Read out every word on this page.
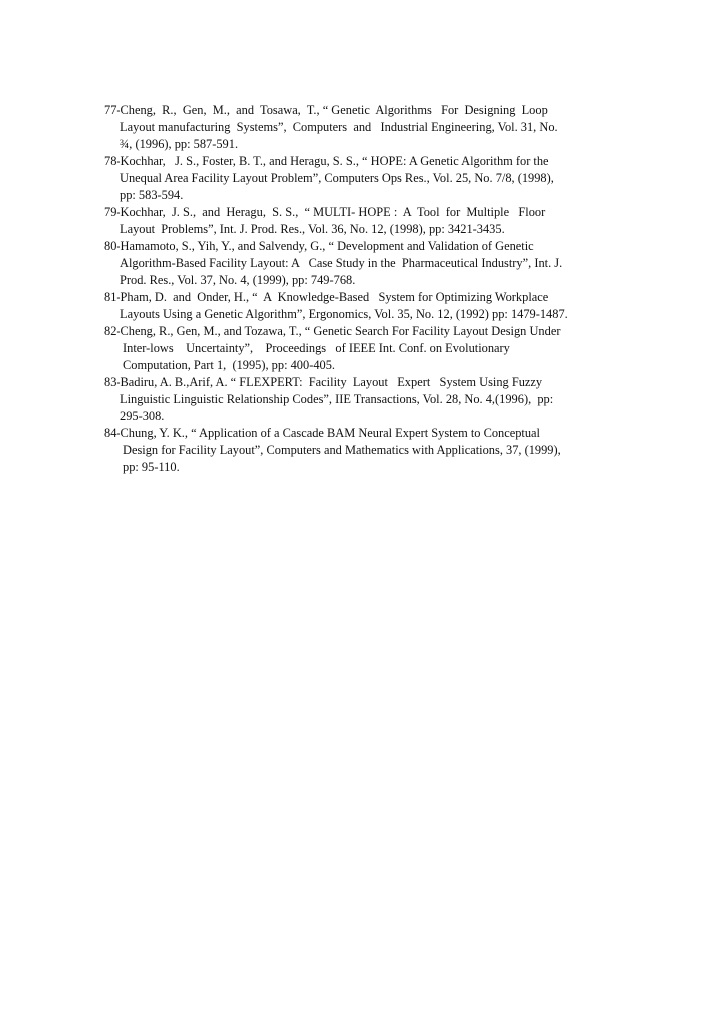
77-Cheng,  R.,  Gen,  M.,  and  Tosawa,  T., “ Genetic  Algorithms   For  Designing  Loop
Layout manufacturing  Systems”,  Computers  and   Industrial Engineering, Vol. 31, No.
¾, (1996), pp: 587-591.

78-Kochhar,   J. S., Foster, B. T., and Heragu, S. S., “ HOPE: A Genetic Algorithm for the
Unequal Area Facility Layout Problem”, Computers Ops Res., Vol. 25, No. 7/8, (1998),
pp: 583-594.

79-Kochhar,  J. S.,  and  Heragu,  S. S.,  “ MULTI- HOPE :  A  Tool  for  Multiple   Floor
Layout  Problems”, Int. J. Prod. Res., Vol. 36, No. 12, (1998), pp: 3421-3435.

80-Hamamoto, S., Yih, Y., and Salvendy, G., “ Development and Validation of Genetic
Algorithm-Based Facility Layout: A   Case Study in the  Pharmaceutical Industry”, Int. J.
Prod. Res., Vol. 37, No. 4, (1999), pp: 749-768.

81-Pham, D.  and  Onder, H., “  A  Knowledge-Based   System for Optimizing Workplace
Layouts Using a Genetic Algorithm”, Ergonomics, Vol. 35, No. 12, (1992) pp: 1479-1487.

82-Cheng, R., Gen, M., and Tozawa, T., “ Genetic Search For Facility Layout Design Under
Inter-lows    Uncertainty”,    Proceedings   of IEEE Int. Conf. on Evolutionary
Computation, Part 1,  (1995), pp: 400-405.

83-Badiru, A. B.,Arif, A. “ FLEXPERT:  Facility  Layout   Expert   System Using Fuzzy
Linguistic Linguistic Relationship Codes”, IIE Transactions, Vol. 28, No. 4,(1996),  pp:
295-308.

84-Chung, Y. K., “ Application of a Cascade BAM Neural Expert System to Conceptual
Design for Facility Layout”, Computers and Mathematics with Applications, 37, (1999),
pp: 95-110.
